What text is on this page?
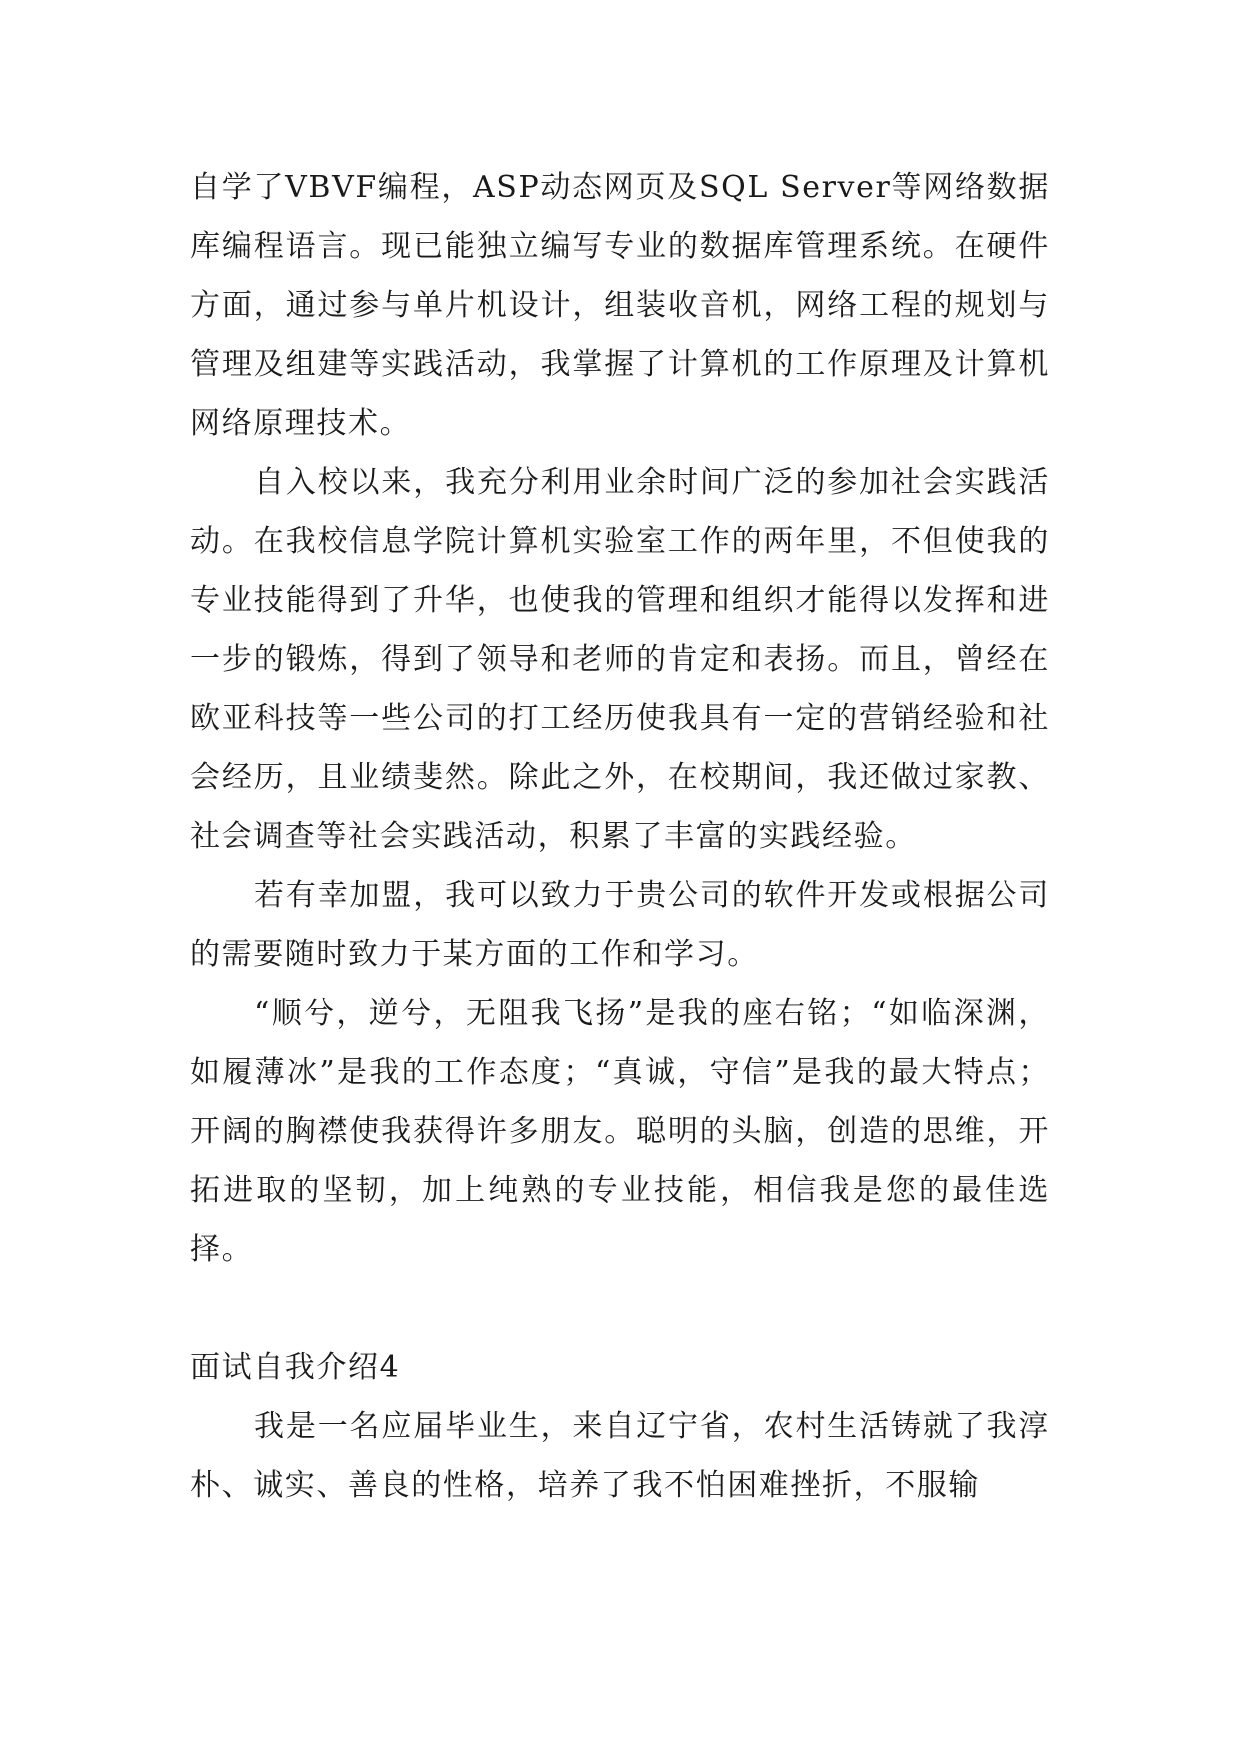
自学了VBVF编程，ASP动态网页及SQL Server等网络数据库编程语言。现已能独立编写专业的数据库管理系统。在硬件方面，通过参与单片机设计，组装收音机，网络工程的规划与管理及组建等实践活动，我掌握了计算机的工作原理及计算机网络原理技术。

自入校以来，我充分利用业余时间广泛的参加社会实践活动。在我校信息学院计算机实验室工作的两年里，不但使我的专业技能得到了升华，也使我的管理和组织才能得以发挥和进一步的锻炼，得到了领导和老师的肯定和表扬。而且，曾经在欧亚科技等一些公司的打工经历使我具有一定的营销经验和社会经历，且业绩斐然。除此之外，在校期间，我还做过家教、社会调查等社会实践活动，积累了丰富的实践经验。

若有幸加盟，我可以致力于贵公司的软件开发或根据公司的需要随时致力于某方面的工作和学习。

“顺兮，逆兮，无阻我飞扬”是我的座右铭；“如临深渊，如履薄冰”是我的工作态度；“真诚，守信”是我的最大特点；开阔的胸襟使我获得许多朋友。聪明的头脑，创造的思维，开拓进取的坚韧，加上纯熟的专业技能，相信我是您的最佳选择。

面试自我介绍4

我是一名应届毕业生，来自辽宁省，农村生活铸就了我淳朴、诚实、善良的性格，培养了我不怕困难挫折，不服输
